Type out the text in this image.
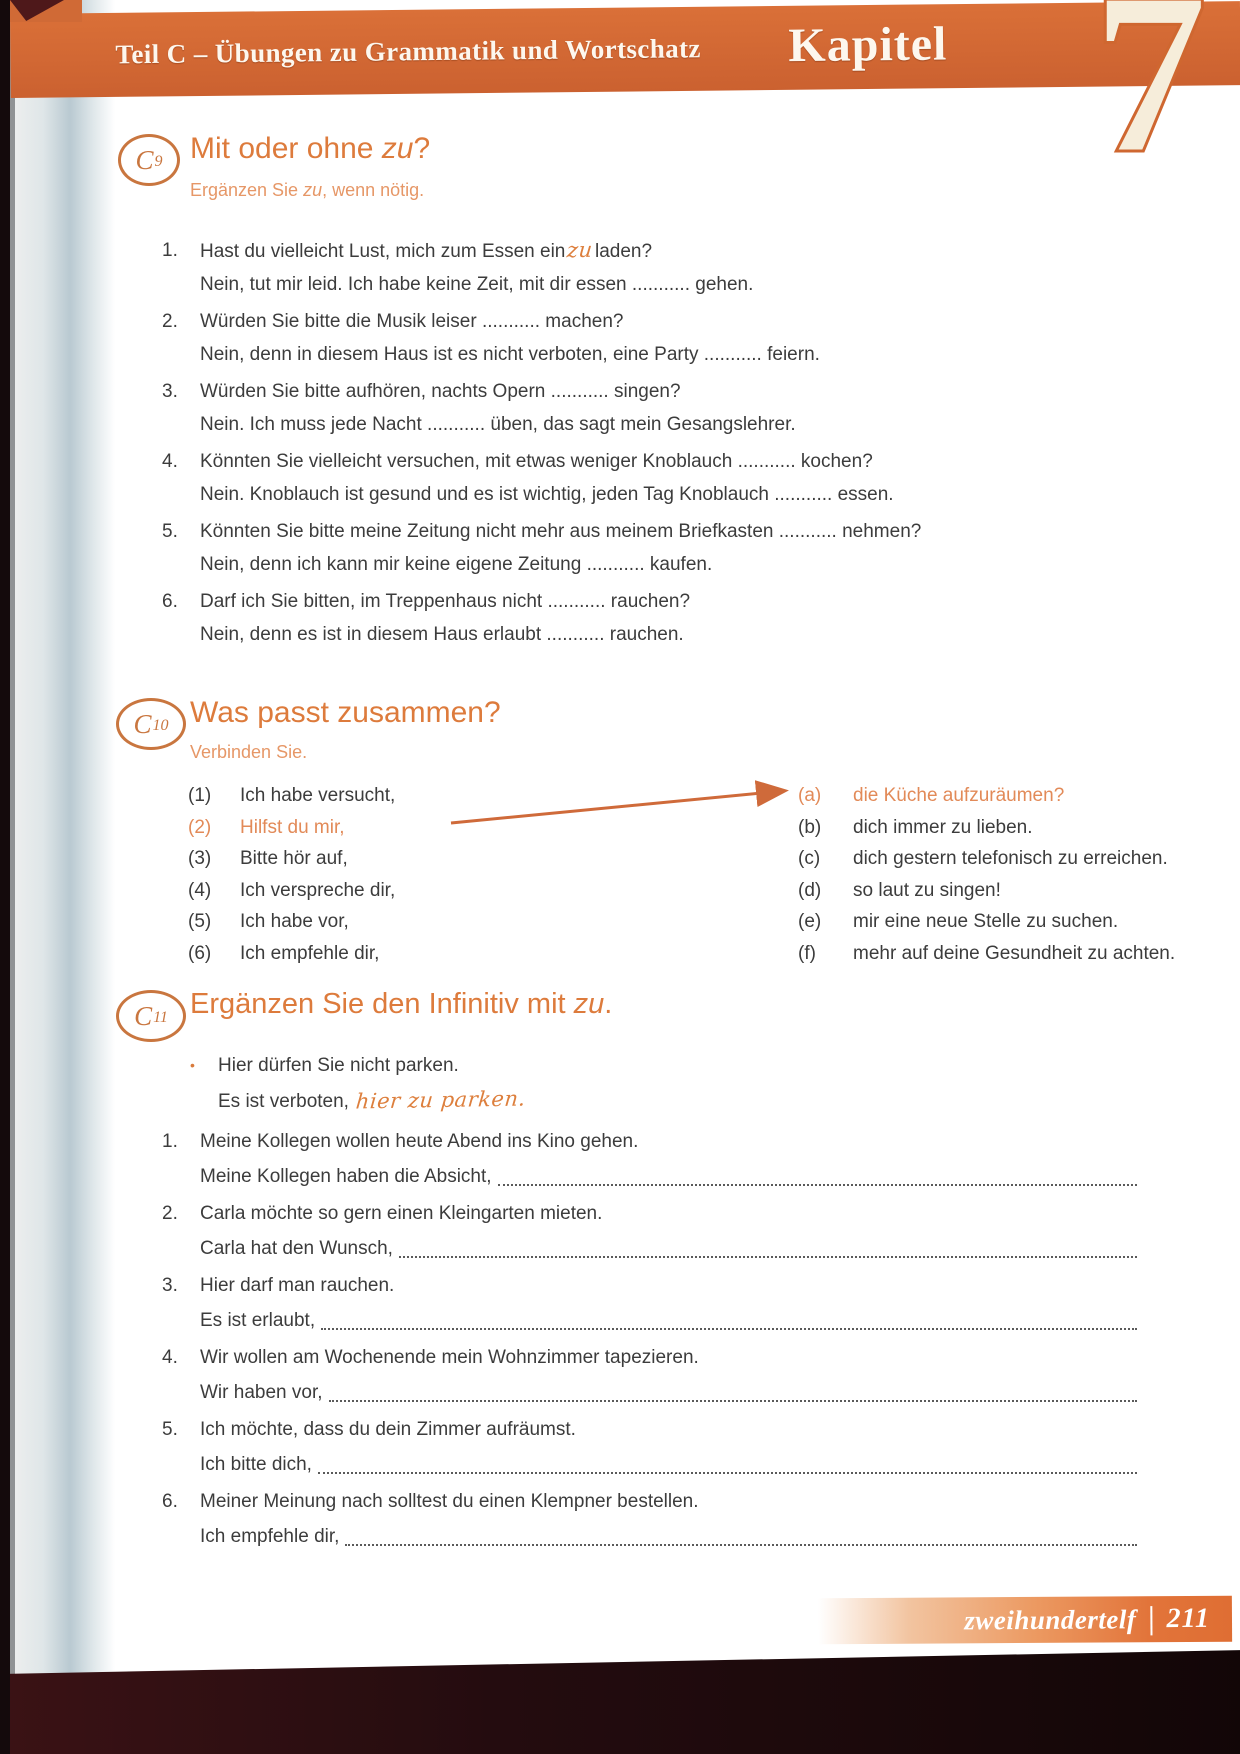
Teil C – Übungen zu Grammatik und Wortschatz Kapitel 7
C 9 Mit oder ohne zu?
Ergänzen Sie zu, wenn nötig.
1.	Hast du vielleicht Lust, mich zum Essen einzuladen?
Nein, tut mir leid. Ich habe keine Zeit, mit dir essen ........... gehen.
2.	Würden Sie bitte die Musik leiser ........... machen?
Nein, denn in diesem Haus ist es nicht verboten, eine Party ........... feiern.
3.	Würden Sie bitte aufhören, nachts Opern ........... singen?
Nein. Ich muss jede Nacht ........... üben, das sagt mein Gesangslehrer.
4.	Könnten Sie vielleicht versuchen, mit etwas weniger Knoblauch ........... kochen?
Nein. Knoblauch ist gesund und es ist wichtig, jeden Tag Knoblauch ........... essen.
5.	Könnten Sie bitte meine Zeitung nicht mehr aus meinem Briefkasten ........... nehmen?
Nein, denn ich kann mir keine eigene Zeitung ........... kaufen.
6.	Darf ich Sie bitten, im Treppenhaus nicht ........... rauchen?
Nein, denn es ist in diesem Haus erlaubt ........... rauchen.
C 10 Was passt zusammen?
Verbinden Sie.
(1)	Ich habe versucht,
(2)	Hilfst du mir,
(3)	Bitte hör auf,
(4)	Ich verspreche dir,
(5)	Ich habe vor,
(6)	Ich empfehle dir,
(a)	die Küche aufzuräumen?
(b)	dich immer zu lieben.
(c)	dich gestern telefonisch zu erreichen.
(d)	so laut zu singen!
(e)	mir eine neue Stelle zu suchen.
(f)	mehr auf deine Gesundheit zu achten.
C 11 Ergänzen Sie den Infinitiv mit zu.
•	Hier dürfen Sie nicht parken.
Es ist verboten, hier zu parken.
1.	Meine Kollegen wollen heute Abend ins Kino gehen.
Meine Kollegen haben die Absicht,
2.	Carla möchte so gern einen Kleingarten mieten.
Carla hat den Wunsch,
3.	Hier darf man rauchen.
Es ist erlaubt,
4.	Wir wollen am Wochenende mein Wohnzimmer tapezieren.
Wir haben vor,
5.	Ich möchte, dass du dein Zimmer aufräumst.
Ich bitte dich,
6.	Meiner Meinung nach solltest du einen Klempner bestellen.
Ich empfehle dir,
zweihundertelf | 211
